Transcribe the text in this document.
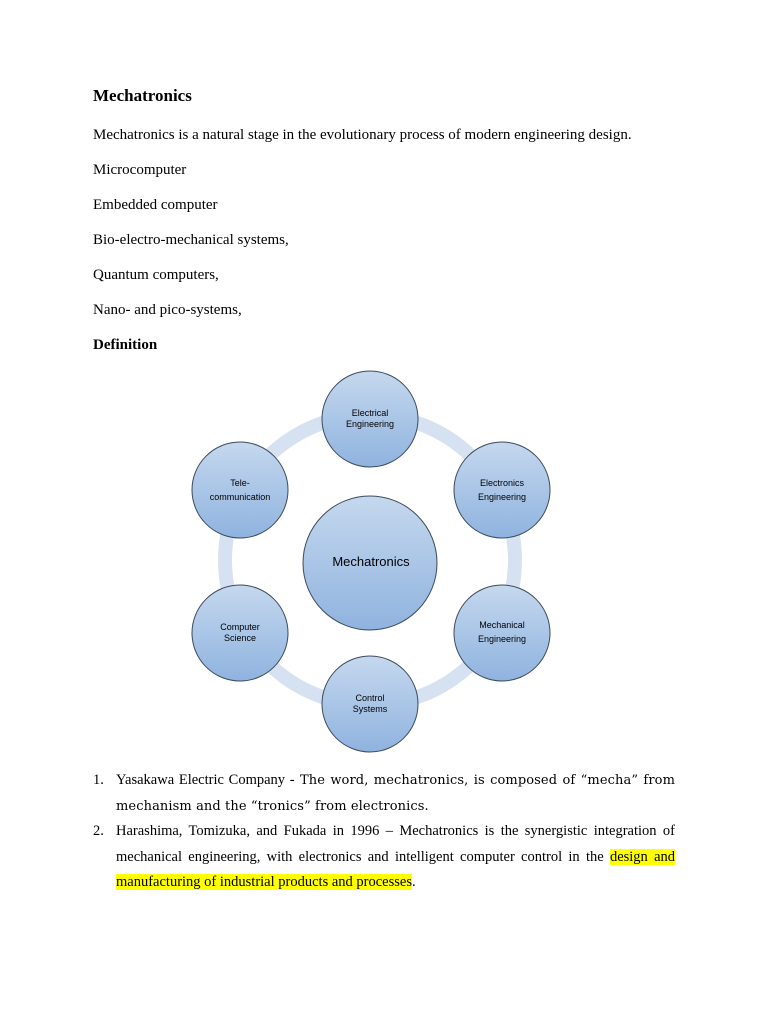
Mechatronics

Mechatronics is a natural stage in the evolutionary process of modern engineering design.

Microcomputer

Embedded computer

Bio-electro-mechanical systems,

Quantum computers,

Nano- and pico-systems,

Definition

Mechatronics
Electrical
Engineering
Electronics
Engineering
Mechanical
Engineering
Control
Systems
Computer
Science
Tele-
communication
1. Yasakawa Electric Company - The word, mechatronics, is composed of “mecha” from mechanism and the “tronics” from electronics.
2. Harashima, Tomizuka, and Fukada in 1996 – Mechatronics is the synergistic integration of mechanical engineering, with electronics and intelligent computer control in the design and manufacturing of industrial products and processes.
